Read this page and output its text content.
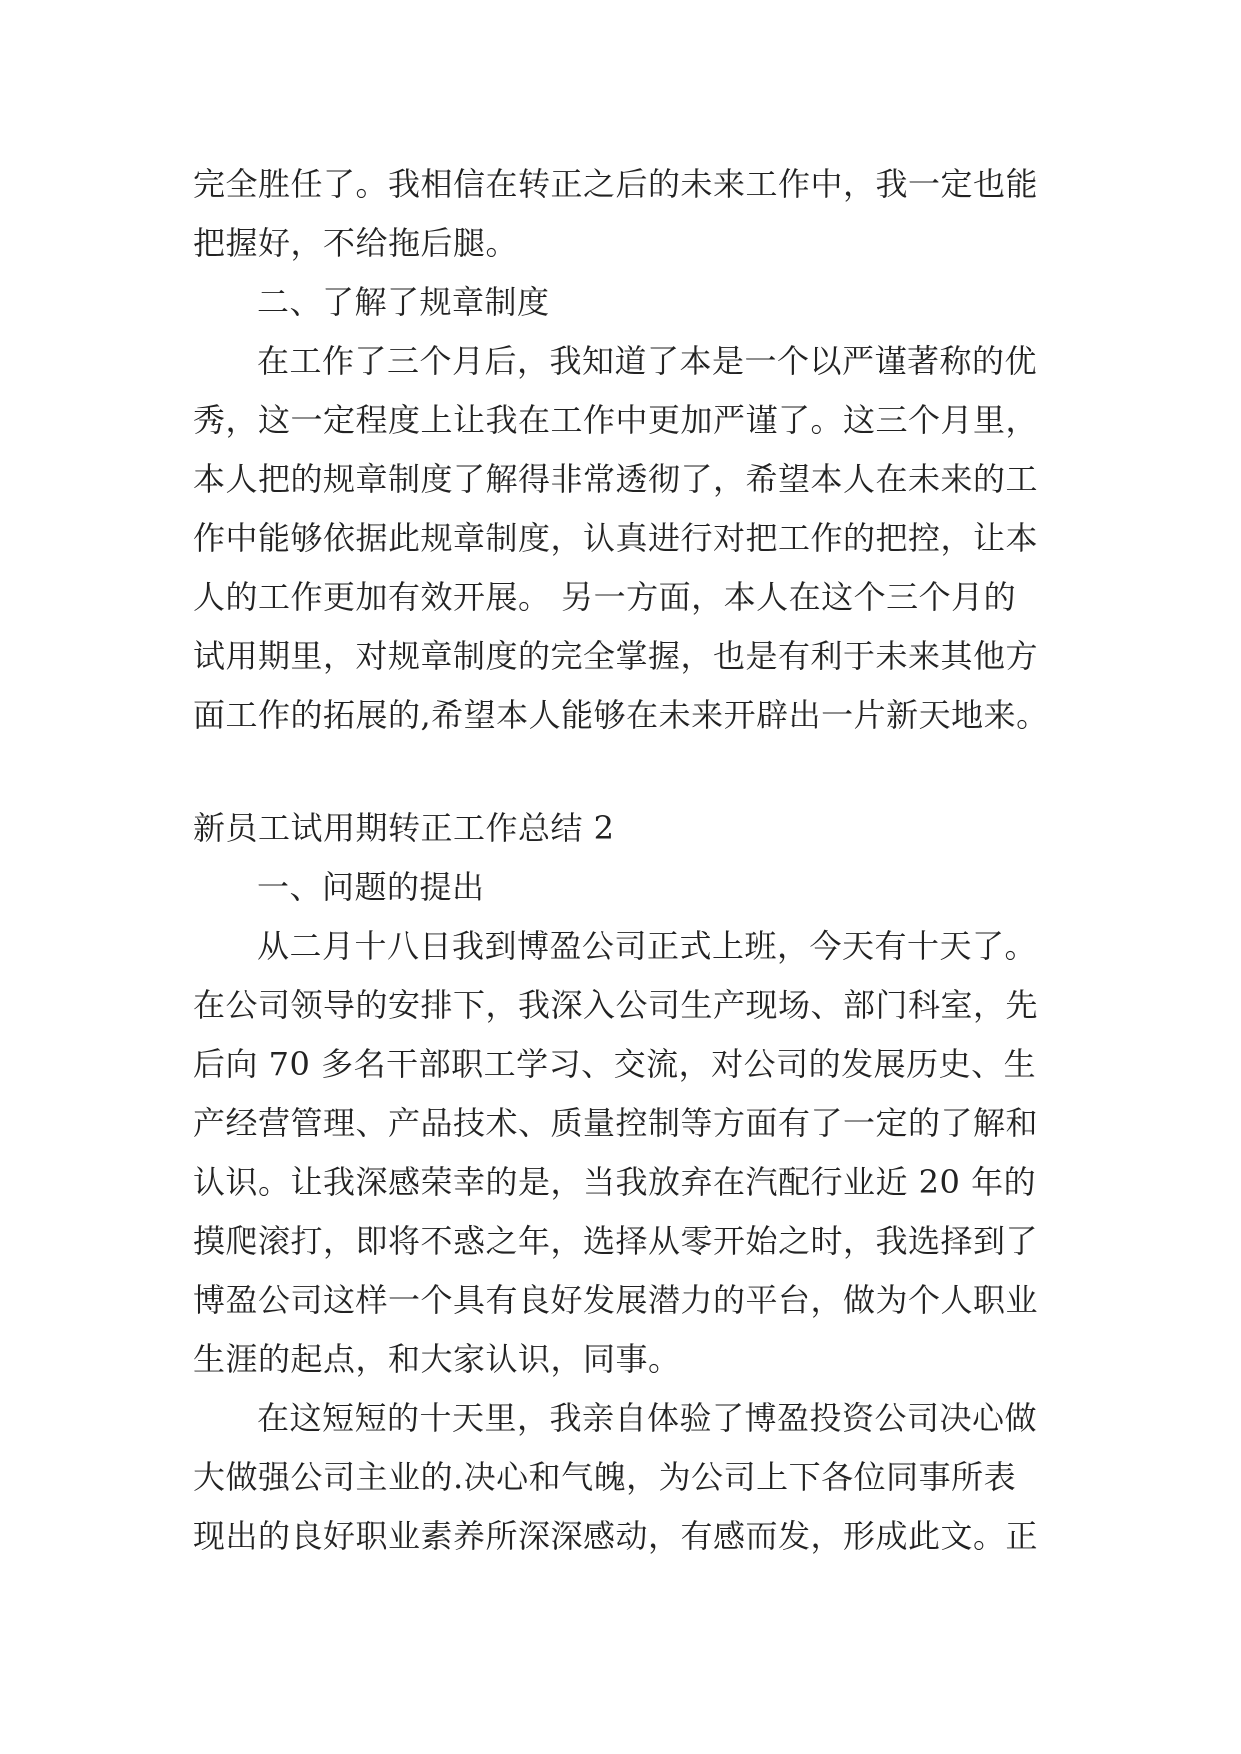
完全胜任了。我相信在转正之后的未来工作中，我一定也能

把握好，不给拖后腿。

二、了解了规章制度

在工作了三个月后，我知道了本是一个以严谨著称的优

秀，这一定程度上让我在工作中更加严谨了。这三个月里，

本人把的规章制度了解得非常透彻了，希望本人在未来的工

作中能够依据此规章制度，认真进行对把工作的把控，让本

人的工作更加有效开展。 另一方面，本人在这个三个月的

试用期里，对规章制度的完全掌握，也是有利于未来其他方

面工作的拓展的,希望本人能够在未来开辟出一片新天地来。

新员工试用期转正工作总结 2

一、问题的提出

从二月十八日我到博盈公司正式上班，今天有十天了。

在公司领导的安排下，我深入公司生产现场、部门科室，先

后向 70 多名干部职工学习、交流，对公司的发展历史、生

产经营管理、产品技术、质量控制等方面有了一定的了解和

认识。让我深感荣幸的是，当我放弃在汽配行业近 20 年的

摸爬滚打，即将不惑之年，选择从零开始之时，我选择到了

博盈公司这样一个具有良好发展潜力的平台，做为个人职业

生涯的起点，和大家认识，同事。

在这短短的十天里，我亲自体验了博盈投资公司决心做

大做强公司主业的.决心和气魄，为公司上下各位同事所表

现出的良好职业素养所深深感动，有感而发，形成此文。正
